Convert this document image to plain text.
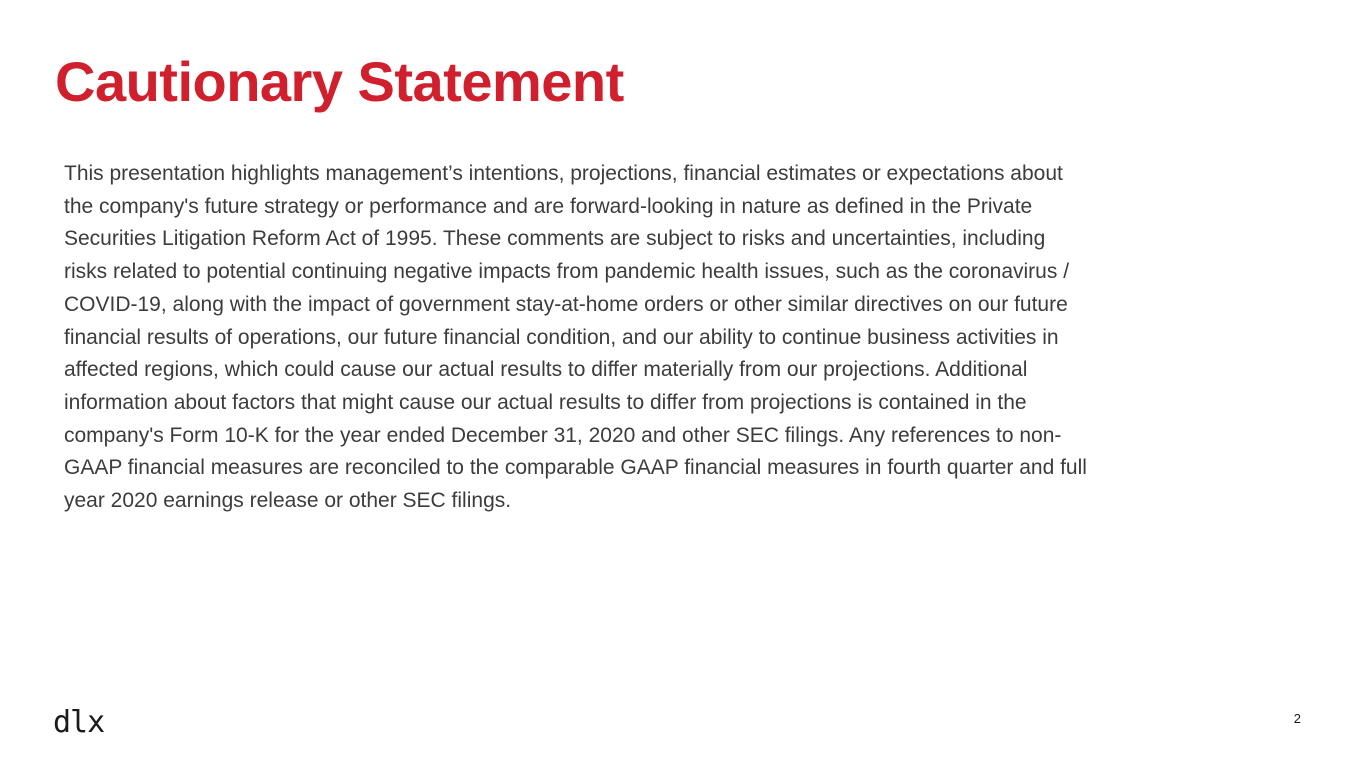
Cautionary Statement

This presentation highlights management’s intentions, projections, financial estimates or expectations about
the company's future strategy or performance and are forward-looking in nature as defined in the Private
Securities Litigation Reform Act of 1995. These comments are subject to risks and uncertainties, including
risks related to potential continuing negative impacts from pandemic health issues, such as the coronavirus /
COVID-19, along with the impact of government stay-at-home orders or other similar directives on our future
financial results of operations, our future financial condition, and our ability to continue business activities in
affected regions, which could cause our actual results to differ materially from our projections. Additional
information about factors that might cause our actual results to differ from projections is contained in the
company's Form 10-K for the year ended December 31, 2020 and other SEC filings. Any references to non-
GAAP financial measures are reconciled to the comparable GAAP financial measures in fourth quarter and full
year 2020 earnings release or other SEC filings.

dlx	2
